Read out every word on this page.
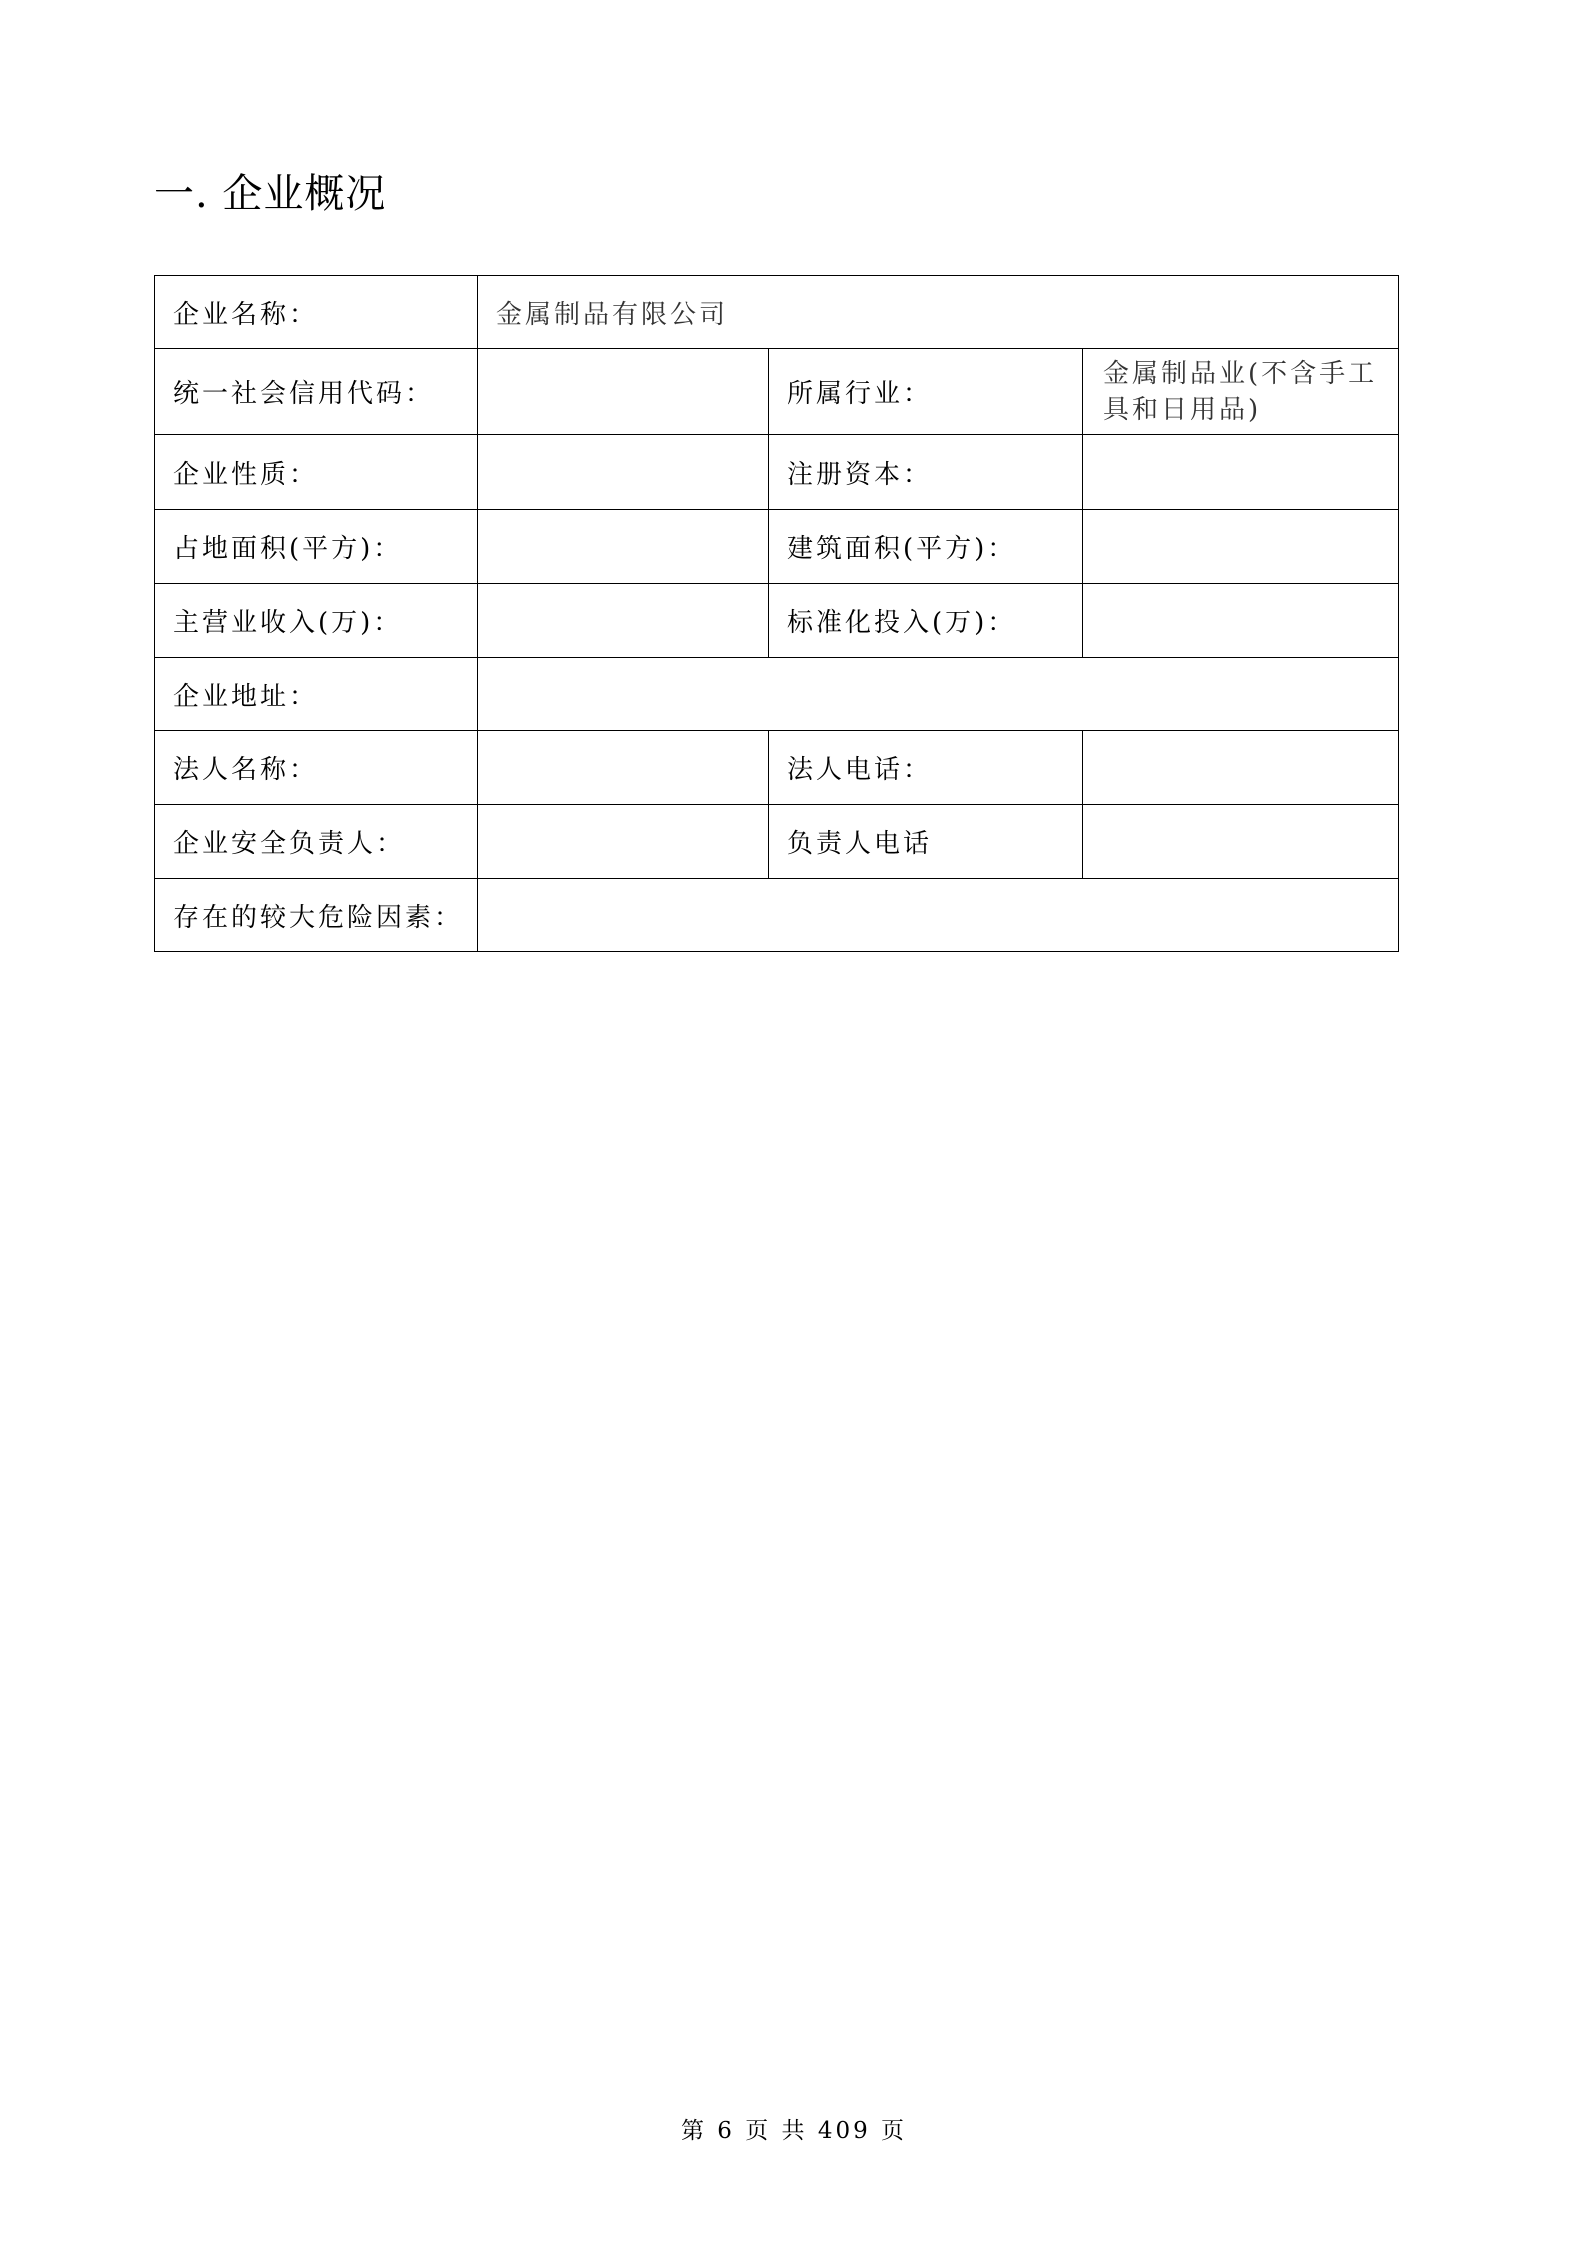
一. 企业概况
企业名称：	金属制品有限公司		
统一社会信用代码：		所属行业：	金属制品业(不含手工具和日用品)
企业性质：		注册资本：	
占地面积(平方)：		建筑面积(平方)：	
主营业收入(万)：		标准化投入(万)：	
企业地址：			
法人名称：		法人电话：	
企业安全负责人：		负责人电话	
存在的较大危险因素：			
第 6 页 共 409 页
